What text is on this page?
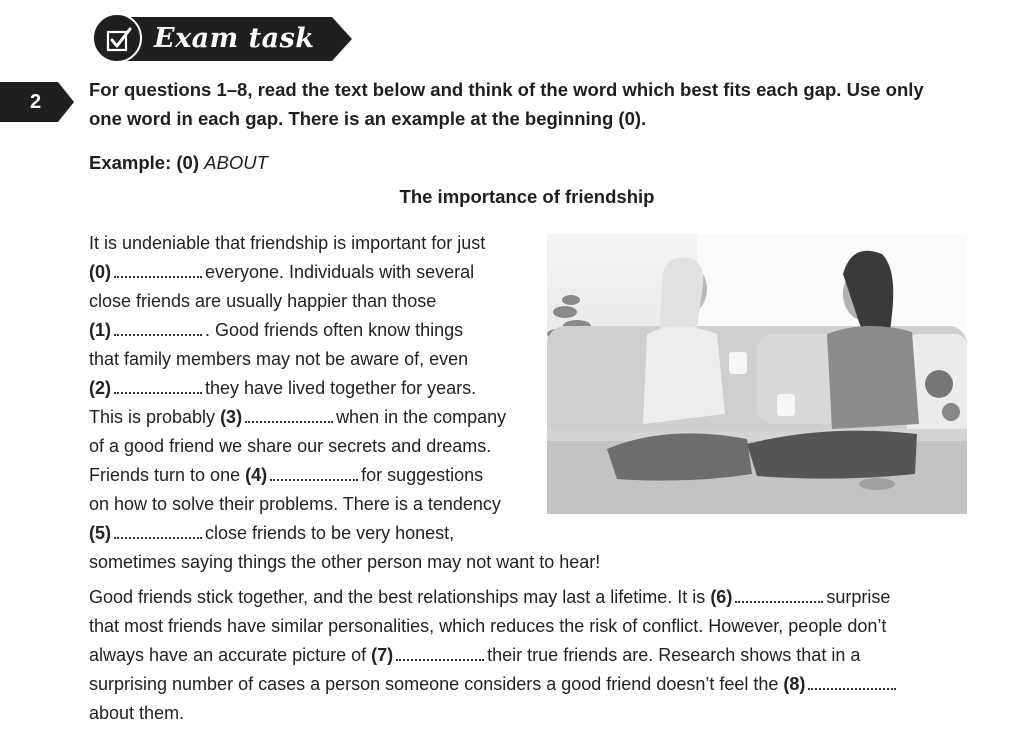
Exam task
2
For questions 1–8, read the text below and think of the word which best fits each gap. Use only one word in each gap. There is an example at the beginning (0).
Example: (0) ABOUT
The importance of friendship
It is undeniable that friendship is important for just
(0)	everyone. Individuals with several
close friends are usually happier than those
(1)	. Good friends often know things
that family members may not be aware of, even
(2)	they have lived together for years.
This is probably (3)	when in the company
of a good friend we share our secrets and dreams.
Friends turn to one (4)	for suggestions
on how to solve their problems. There is a tendency
(5)	close friends to be very honest,
sometimes saying things the other person may not want to hear!
Good friends stick together, and the best relationships may last a lifetime. It is (6)	surprise
that most friends have similar personalities, which reduces the risk of conflict. However, people don’t
always have an accurate picture of (7)	their true friends are. Research shows that in a
surprising number of cases a person someone considers a good friend doesn’t feel the (8)
about them.
